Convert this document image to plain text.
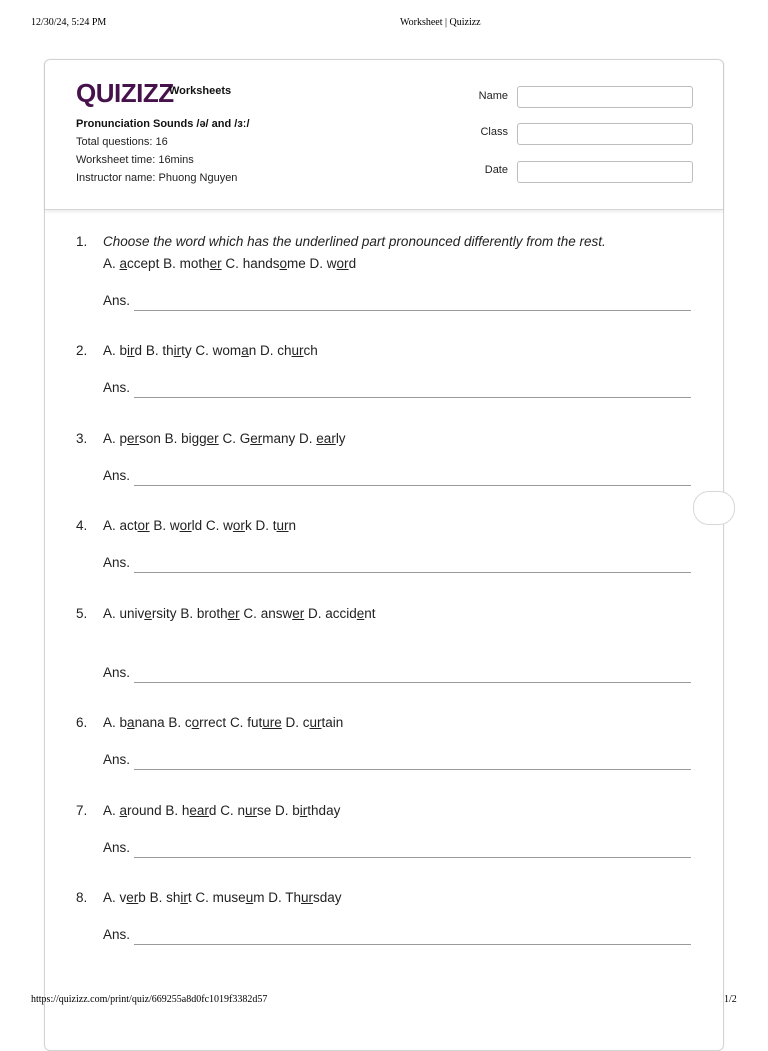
12/30/24, 5:24 PM	Worksheet | Quizizz
QUIZIZZ
Worksheets
Pronunciation Sounds /ə/ and /ɜː/
Total questions: 16
Worksheet time: 16mins
Instructor name: Phuong Nguyen
Name
Class
Date
1. Choose the word which has the underlined part pronounced differently from the rest.
A. accept B. mother C. handsome D. word
Ans.
2. A. bird B. thirty C. woman D. church
Ans.
3. A. person B. bigger C. Germany D. early
Ans.
4. A. actor B. world C. work D. turn
Ans.
5. A. university B. brother C. answer D. accident
Ans.
6. A. banana B. correct C. future D. curtain
Ans.
7. A. around B. heard C. nurse D. birthday
Ans.
8. A. verb B. shirt C. museum D. Thursday
Ans.
https://quizizz.com/print/quiz/669255a8d0fc1019f3382d57	1/2
